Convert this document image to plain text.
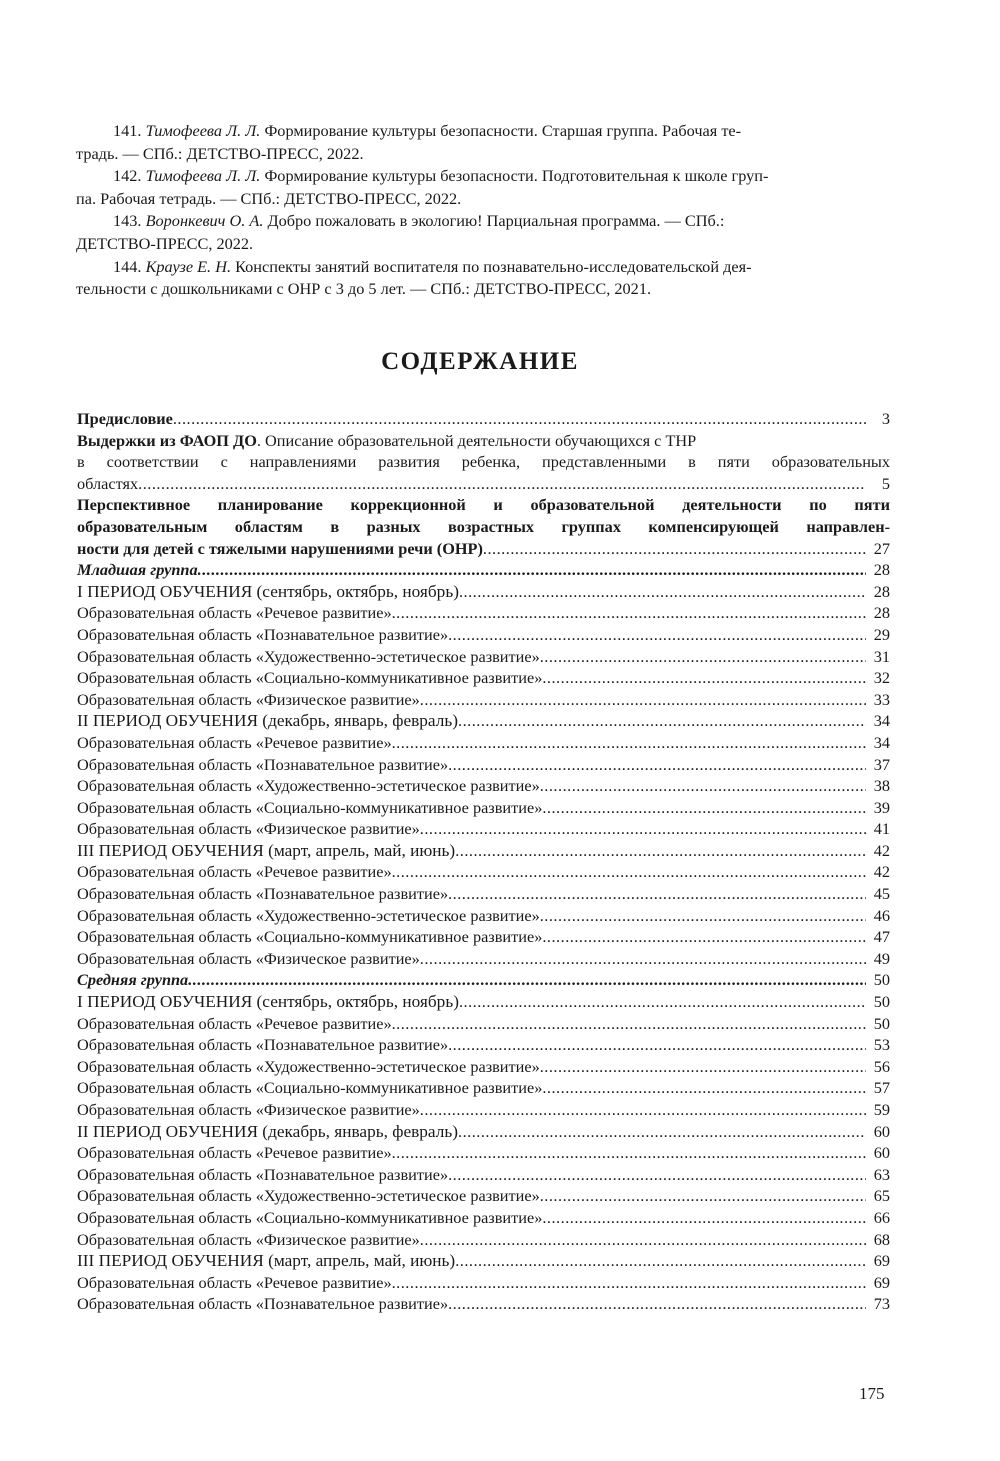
141. Тимофеева Л. Л. Формирование культуры безопасности. Старшая группа. Рабочая те-
традь. — СПб.: ДЕТСТВО-ПРЕСС, 2022.
142. Тимофеева Л. Л. Формирование культуры безопасности. Подготовительная к школе груп-
па. Рабочая тетрадь. — СПб.: ДЕТСТВО-ПРЕСС, 2022.
143. Воронкевич О. А. Добро пожаловать в экологию! Парциальная программа. — СПб.:
ДЕТСТВО-ПРЕСС, 2022.
144. Краузе Е. Н. Конспекты занятий воспитателя по познавательно-исследовательской дея-
тельности с дошкольниками с ОНР с 3 до 5 лет. — СПб.: ДЕТСТВО-ПРЕСС, 2021.
СОДЕРЖАНИЕ
Предисловие .....	3
Выдержки из ФАОП ДО. Описание образовательной деятельности обучающихся с ТНР
в соответствии с направлениями развития ребенка, представленными в пяти образовательных
областях .....	5
Перспективное планирование коррекционной и образовательной деятельности по пяти
образовательным областям в разных возрастных группах компенсирующей направлен-
ности для детей с тяжелыми нарушениями речи (ОНР) .....	27
Младшая группа .....	28
I ПЕРИОД ОБУЧЕНИЯ (сентябрь, октябрь, ноябрь) .....	28
Образовательная область «Речевое развитие» .....	28
Образовательная область «Познавательное развитие» .....	29
Образовательная область «Художественно-эстетическое развитие» .....	31
Образовательная область «Социально-коммуникативное развитие» .....	32
Образовательная область «Физическое развитие» .....	33
II ПЕРИОД ОБУЧЕНИЯ (декабрь, январь, февраль) .....	34
Образовательная область «Речевое развитие» .....	34
Образовательная область «Познавательное развитие» .....	37
Образовательная область «Художественно-эстетическое развитие» .....	38
Образовательная область «Социально-коммуникативное развитие» .....	39
Образовательная область «Физическое развитие» .....	41
III ПЕРИОД ОБУЧЕНИЯ (март, апрель, май, июнь) .....	42
Образовательная область «Речевое развитие» .....	42
Образовательная область «Познавательное развитие» .....	45
Образовательная область «Художественно-эстетическое развитие» .....	46
Образовательная область «Социально-коммуникативное развитие» .....	47
Образовательная область «Физическое развитие» .....	49
Средняя группа .....	50
I ПЕРИОД ОБУЧЕНИЯ (сентябрь, октябрь, ноябрь) .....	50
Образовательная область «Речевое развитие» .....	50
Образовательная область «Познавательное развитие» .....	53
Образовательная область «Художественно-эстетическое развитие» .....	56
Образовательная область «Социально-коммуникативное развитие» .....	57
Образовательная область «Физическое развитие» .....	59
II ПЕРИОД ОБУЧЕНИЯ (декабрь, январь, февраль) .....	60
Образовательная область «Речевое развитие» .....	60
Образовательная область «Познавательное развитие» .....	63
Образовательная область «Художественно-эстетическое развитие» .....	65
Образовательная область «Социально-коммуникативное развитие» .....	66
Образовательная область «Физическое развитие» .....	68
III ПЕРИОД ОБУЧЕНИЯ (март, апрель, май, июнь) .....	69
Образовательная область «Речевое развитие» .....	69
Образовательная область «Познавательное развитие» .....	73
175
